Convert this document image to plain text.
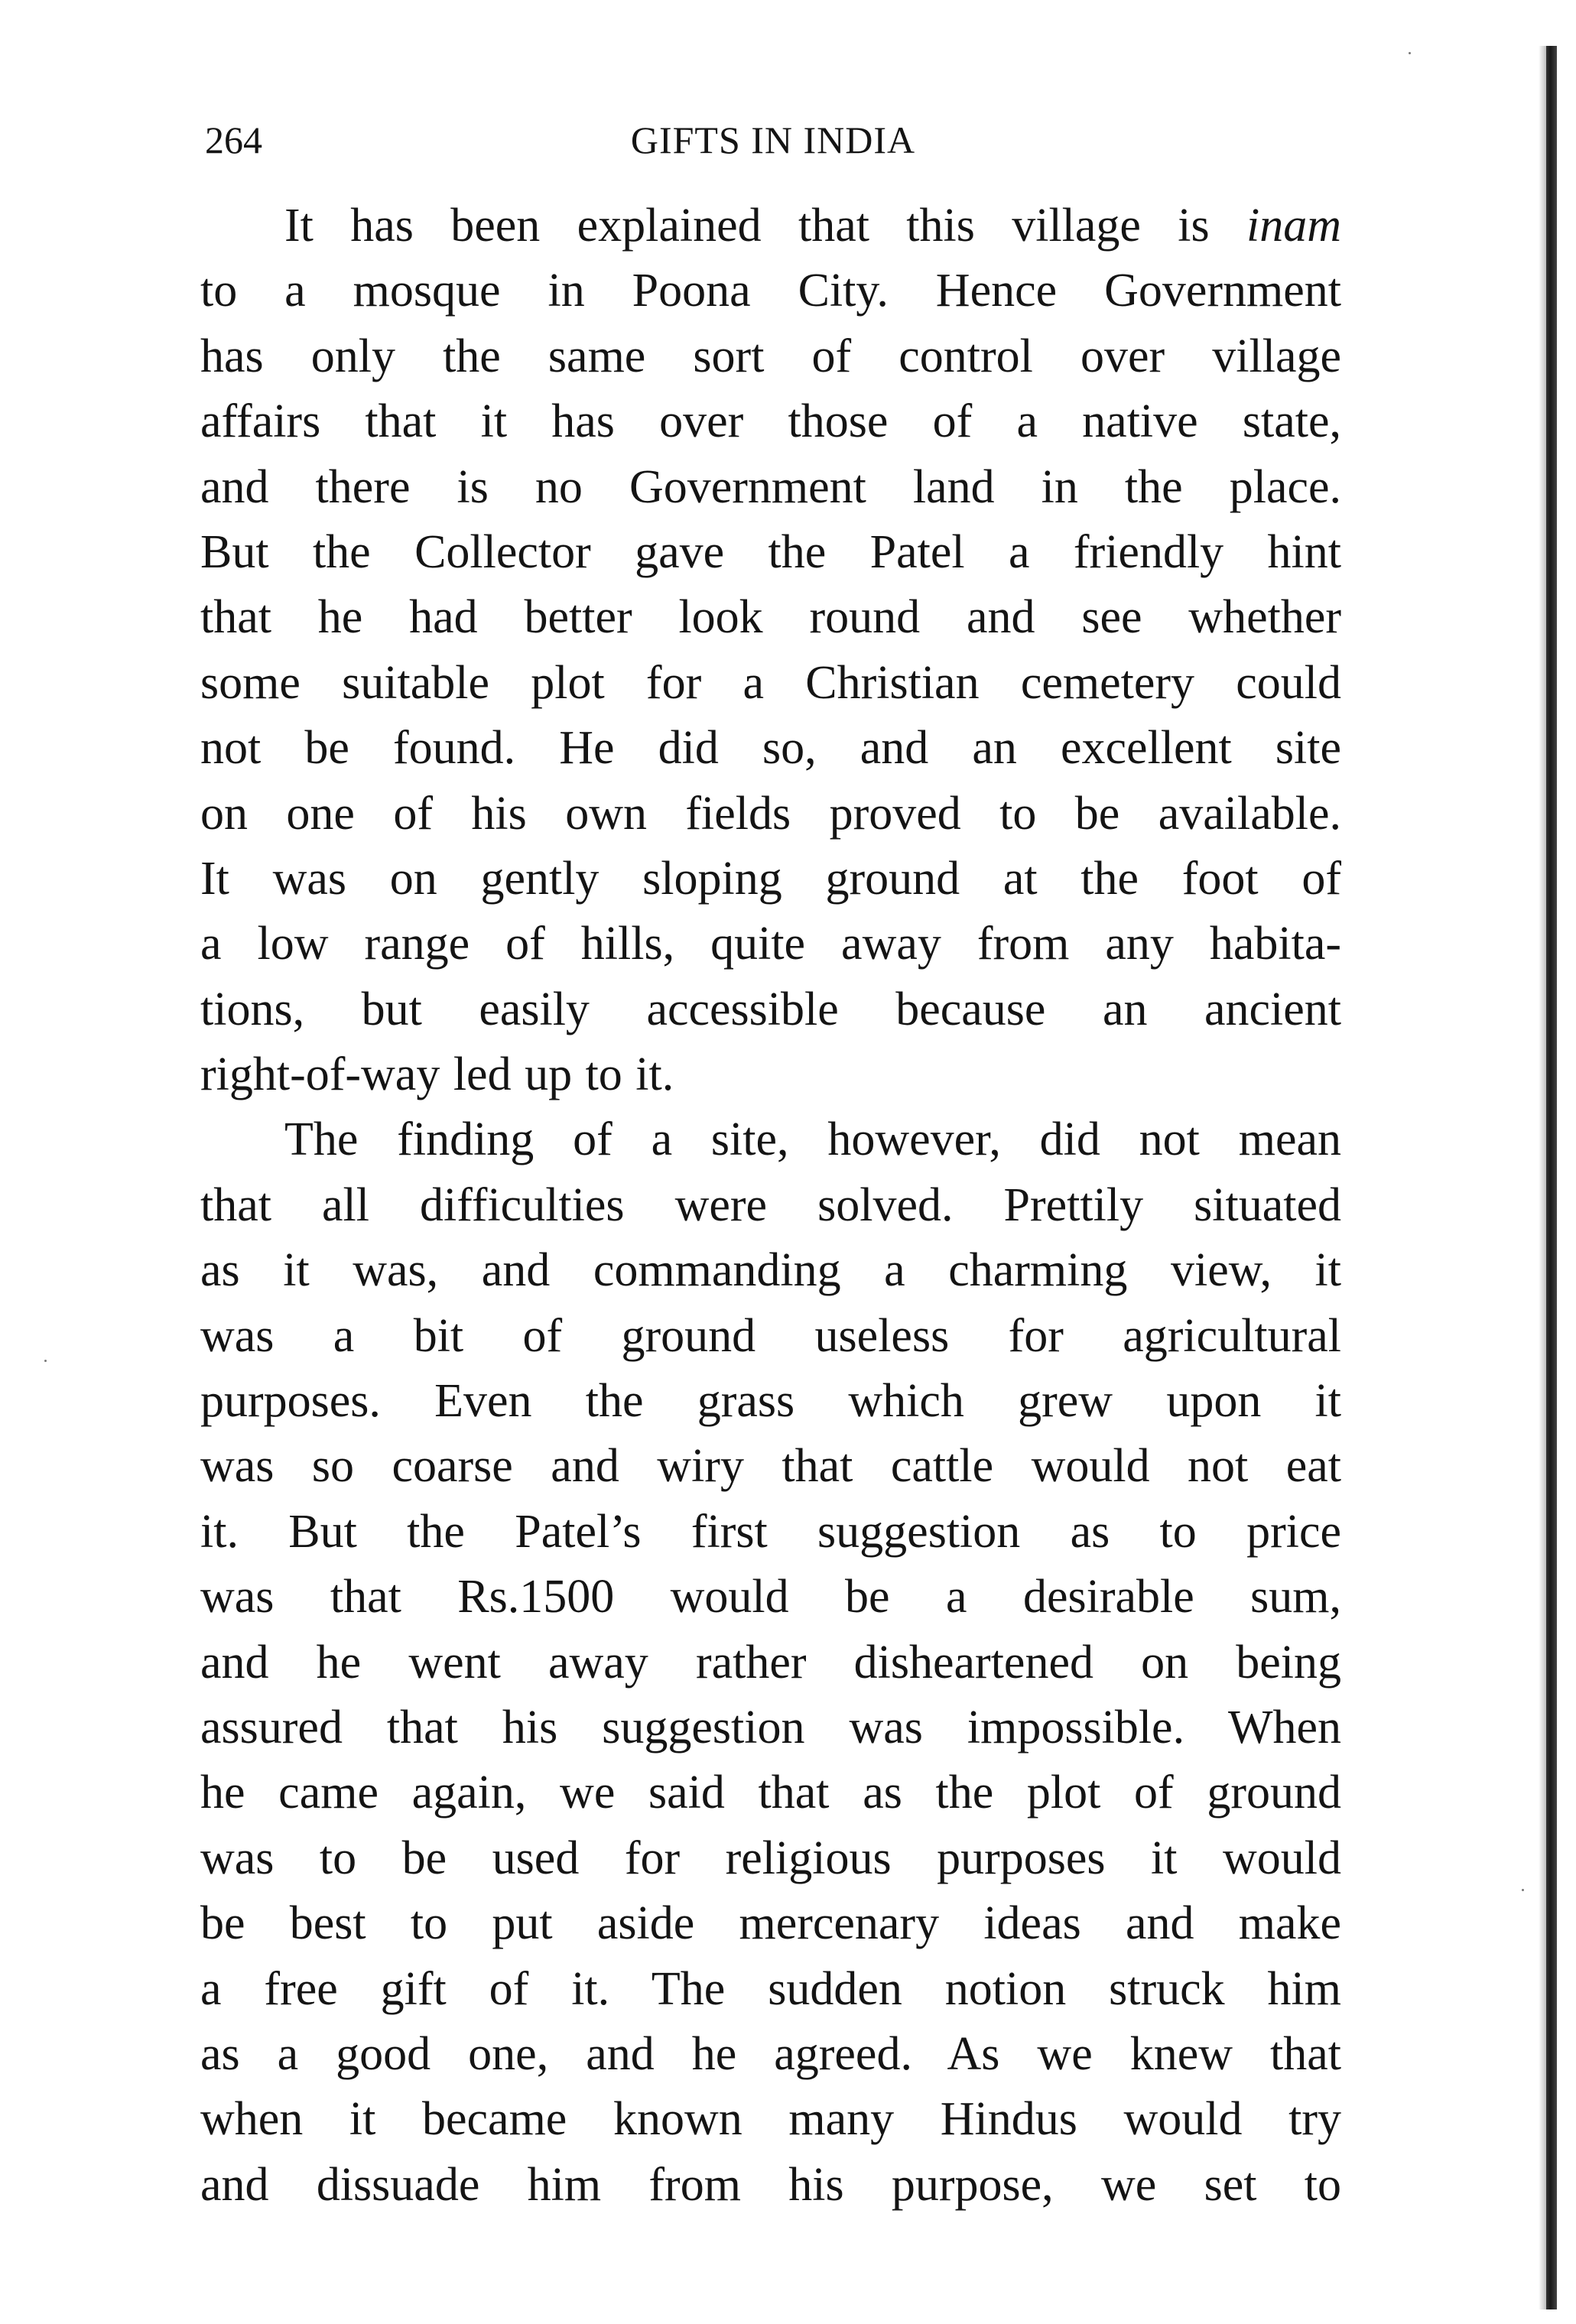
264	GIFTS IN INDIA
It has been explained that this village is inam
to a mosque in Poona City. Hence Government
has only the same sort of control over village
affairs that it has over those of a native state,
and there is no Government land in the place.
But the Collector gave the Patel a friendly hint
that he had better look round and see whether
some suitable plot for a Christian cemetery could
not be found. He did so, and an excellent site
on one of his own fields proved to be available.
It was on gently sloping ground at the foot of
a low range of hills, quite away from any habita-
tions, but easily accessible because an ancient
right-of-way led up to it.
The finding of a site, however, did not mean
that all difficulties were solved. Prettily situated
as it was, and commanding a charming view, it
was a bit of ground useless for agricultural
purposes. Even the grass which grew upon it
was so coarse and wiry that cattle would not eat
it. But the Patel’s first suggestion as to price
was that Rs.1500 would be a desirable sum,
and he went away rather disheartened on being
assured that his suggestion was impossible. When
he came again, we said that as the plot of ground
was to be used for religious purposes it would
be best to put aside mercenary ideas and make
a free gift of it. The sudden notion struck him
as a good one, and he agreed. As we knew that
when it became known many Hindus would try
and dissuade him from his purpose, we set to
